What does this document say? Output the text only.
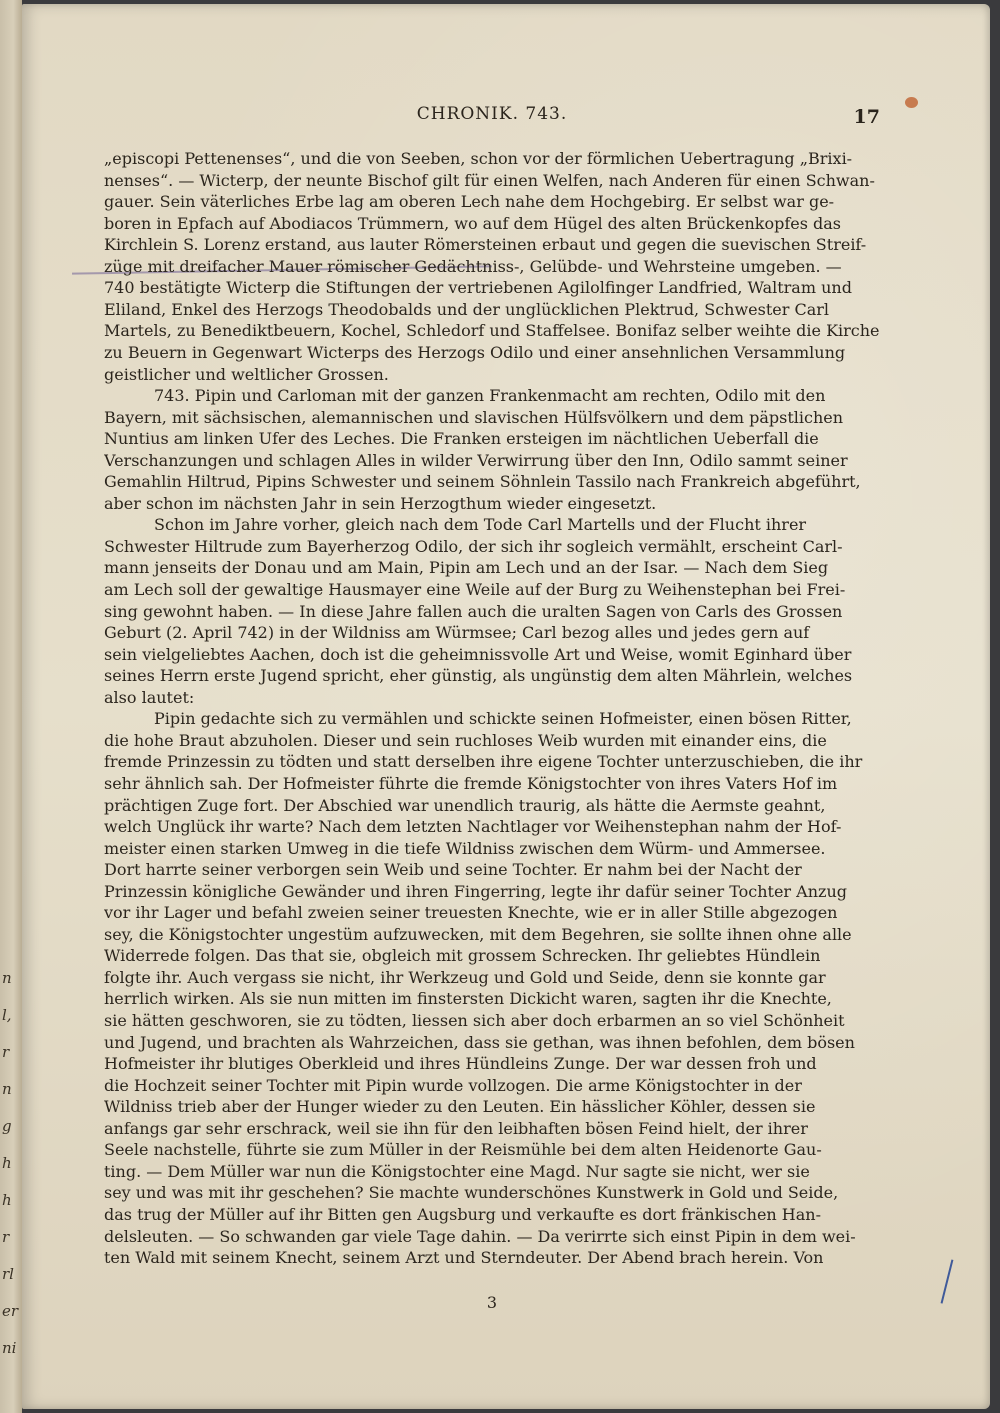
n
l,
r
n
g
h
h
r
rl
er
ni
CHRONIK. 743.	17
„episcopi Pettenenses“, und die von Seeben, schon vor der förmlichen Uebertragung „Brixi-
nenses“. — Wicterp, der neunte Bischof gilt für einen Welfen, nach Anderen für einen Schwan-
gauer. Sein väterliches Erbe lag am oberen Lech nahe dem Hochgebirg. Er selbst war ge-
boren in Epfach auf Abodiacos Trümmern, wo auf dem Hügel des alten Brückenkopfes das
Kirchlein S. Lorenz erstand, aus lauter Römersteinen erbaut und gegen die suevischen Streif-
züge mit dreifacher Mauer römischer Gedächtniss-, Gelübde- und Wehrsteine umgeben. —
740 bestätigte Wicterp die Stiftungen der vertriebenen Agilolfinger Landfried, Waltram und
Eliland, Enkel des Herzogs Theodobalds und der unglücklichen Plektrud, Schwester Carl
Martels, zu Benediktbeuern, Kochel, Schledorf und Staffelsee. Bonifaz selber weihte die Kirche
zu Beuern in Gegenwart Wicterps des Herzogs Odilo und einer ansehnlichen Versammlung
geistlicher und weltlicher Grossen.
743. Pipin und Carloman mit der ganzen Frankenmacht am rechten, Odilo mit den
Bayern, mit sächsischen, alemannischen und slavischen Hülfsvölkern und dem päpstlichen
Nuntius am linken Ufer des Leches. Die Franken ersteigen im nächtlichen Ueberfall die
Verschanzungen und schlagen Alles in wilder Verwirrung über den Inn, Odilo sammt seiner
Gemahlin Hiltrud, Pipins Schwester und seinem Söhnlein Tassilo nach Frankreich abgeführt,
aber schon im nächsten Jahr in sein Herzogthum wieder eingesetzt.
Schon im Jahre vorher, gleich nach dem Tode Carl Martells und der Flucht ihrer
Schwester Hiltrude zum Bayerherzog Odilo, der sich ihr sogleich vermählt, erscheint Carl-
mann jenseits der Donau und am Main, Pipin am Lech und an der Isar. — Nach dem Sieg
am Lech soll der gewaltige Hausmayer eine Weile auf der Burg zu Weihenstephan bei Frei-
sing gewohnt haben. — In diese Jahre fallen auch die uralten Sagen von Carls des Grossen
Geburt (2. April 742) in der Wildniss am Würmsee; Carl bezog alles und jedes gern auf
sein vielgeliebtes Aachen, doch ist die geheimnissvolle Art und Weise, womit Eginhard über
seines Herrn erste Jugend spricht, eher günstig, als ungünstig dem alten Mährlein, welches
also lautet:
Pipin gedachte sich zu vermählen und schickte seinen Hofmeister, einen bösen Ritter,
die hohe Braut abzuholen. Dieser und sein ruchloses Weib wurden mit einander eins, die
fremde Prinzessin zu tödten und statt derselben ihre eigene Tochter unterzuschieben, die ihr
sehr ähnlich sah. Der Hofmeister führte die fremde Königstochter von ihres Vaters Hof im
prächtigen Zuge fort. Der Abschied war unendlich traurig, als hätte die Aermste geahnt,
welch Unglück ihr warte? Nach dem letzten Nachtlager vor Weihenstephan nahm der Hof-
meister einen starken Umweg in die tiefe Wildniss zwischen dem Würm- und Ammersee.
Dort harrte seiner verborgen sein Weib und seine Tochter. Er nahm bei der Nacht der
Prinzessin königliche Gewänder und ihren Fingerring, legte ihr dafür seiner Tochter Anzug
vor ihr Lager und befahl zweien seiner treuesten Knechte, wie er in aller Stille abgezogen
sey, die Königstochter ungestüm aufzuwecken, mit dem Begehren, sie sollte ihnen ohne alle
Widerrede folgen. Das that sie, obgleich mit grossem Schrecken. Ihr geliebtes Hündlein
folgte ihr. Auch vergass sie nicht, ihr Werkzeug und Gold und Seide, denn sie konnte gar
herrlich wirken. Als sie nun mitten im finstersten Dickicht waren, sagten ihr die Knechte,
sie hätten geschworen, sie zu tödten, liessen sich aber doch erbarmen an so viel Schönheit
und Jugend, und brachten als Wahrzeichen, dass sie gethan, was ihnen befohlen, dem bösen
Hofmeister ihr blutiges Oberkleid und ihres Hündleins Zunge. Der war dessen froh und
die Hochzeit seiner Tochter mit Pipin wurde vollzogen. Die arme Königstochter in der
Wildniss trieb aber der Hunger wieder zu den Leuten. Ein hässlicher Köhler, dessen sie
anfangs gar sehr erschrack, weil sie ihn für den leibhaften bösen Feind hielt, der ihrer
Seele nachstelle, führte sie zum Müller in der Reismühle bei dem alten Heidenorte Gau-
ting. — Dem Müller war nun die Königstochter eine Magd. Nur sagte sie nicht, wer sie
sey und was mit ihr geschehen? Sie machte wunderschönes Kunstwerk in Gold und Seide,
das trug der Müller auf ihr Bitten gen Augsburg und verkaufte es dort fränkischen Han-
delsleuten. — So schwanden gar viele Tage dahin. — Da verirrte sich einst Pipin in dem wei-
ten Wald mit seinem Knecht, seinem Arzt und Sterndeuter. Der Abend brach herein. Von
3
